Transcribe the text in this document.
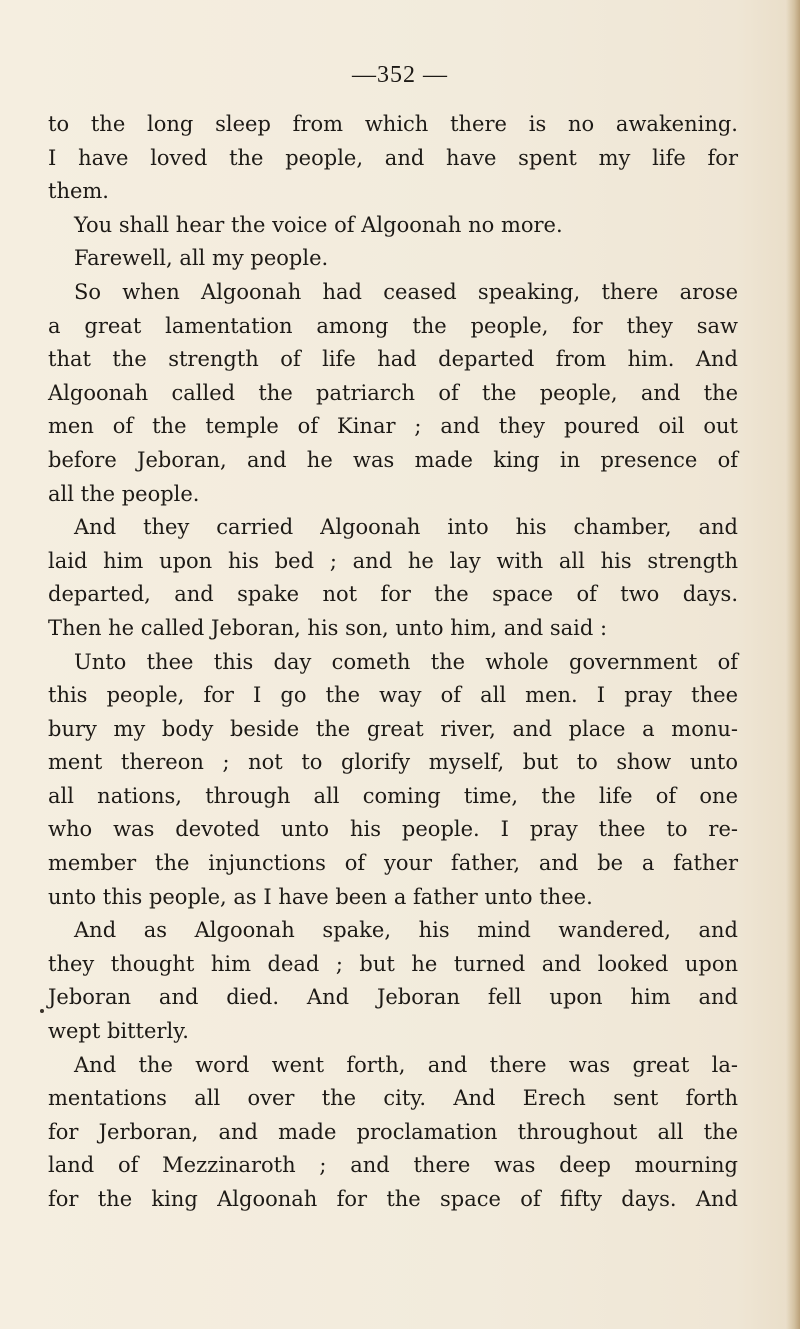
—352 —
to the long sleep from which there is no awakening.
I have loved the people, and have spent my life for
them.
You shall hear the voice of Algoonah no more.
Farewell, all my people.
So when Algoonah had ceased speaking, there arose
a great lamentation among the people, for they saw
that the strength of life had departed from him. And
Algoonah called the patriarch of the people, and the
men of the temple of Kinar ; and they poured oil out
before Jeboran, and he was made king in presence of
all the people.
And they carried Algoonah into his chamber, and
laid him upon his bed ; and he lay with all his strength
departed, and spake not for the space of two days.
Then he called Jeboran, his son, unto him, and said :
Unto thee this day cometh the whole government of
this people, for I go the way of all men. I pray thee
bury my body beside the great river, and place a monu-
ment thereon ; not to glorify myself, but to show unto
all nations, through all coming time, the life of one
who was devoted unto his people. I pray thee to re-
member the injunctions of your father, and be a father
unto this people, as I have been a father unto thee.
And as Algoonah spake, his mind wandered, and
they thought him dead ; but he turned and looked upon
Jeboran and died. And Jeboran fell upon him and
wept bitterly.
And the word went forth, and there was great la-
mentations all over the city. And Erech sent forth
for Jerboran, and made proclamation throughout all the
land of Mezzinaroth ; and there was deep mourning
for the king Algoonah for the space of fifty days. And
